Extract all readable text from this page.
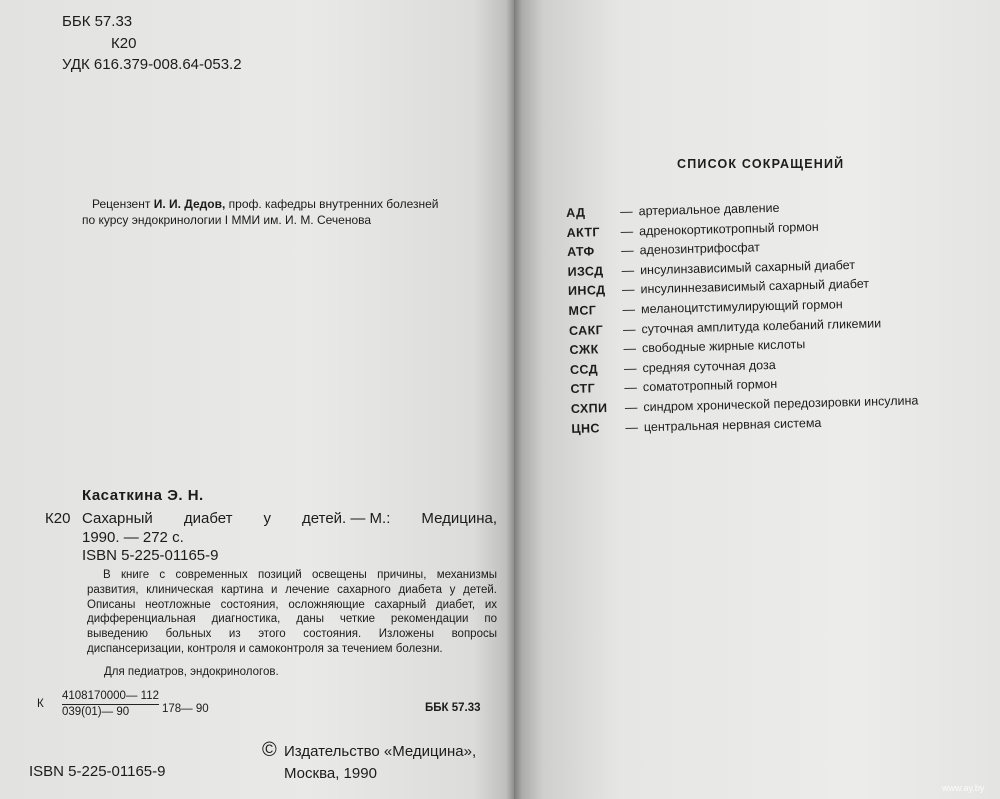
ББК 57.33
К20
УДК 616.379-008.64-053.2
Рецензент И. И. Дедов, проф. кафедры внутренних болезней
по курсу эндокринологии I ММИ им. И. М. Сеченова
Касаткина Э. Н.
К20 Сахарный диабет у детей. — М.: Медицина,
1990. — 272 с.
ISBN 5-225-01165-9
В книге с современных позиций освещены причины, механизмы развития, клиническая картина и лечение сахарного диабета у детей. Описаны неотложные состояния, осложняющие сахарный диабет, их дифференциальная диагностика, даны четкие рекомендации по выведению больных из этого состояния. Изложены вопросы диспансеризации, контроля и самоконтроля за течением болезни.
Для педиатров, эндокринологов.
К $\frac{4108170000— 112}{039(01)— 90}$ 178— 90	ББК 57.33
© Издательство «Медицина»,
Москва, 1990
ISBN 5-225-01165-9
СПИСОК СОКРАЩЕНИЙ
АД	— артериальное давление
АКТГ — адренокортикотропный гормон
АТФ — аденозинтрифосфат
ИЗСД — инсулинзависимый сахарный диабет
ИНСД — инсулиннезависимый сахарный диабет
МСГ — меланоцитстимулирующий гормон
САКГ — суточная амплитуда колебаний гликемии
СЖК — свободные жирные кислоты
ССД — средняя суточная доза
СТГ — соматотропный гормон
СХПИ — синдром хронической передозировки инсулина
ЦНС — центральная нервная система
www.ay.by
